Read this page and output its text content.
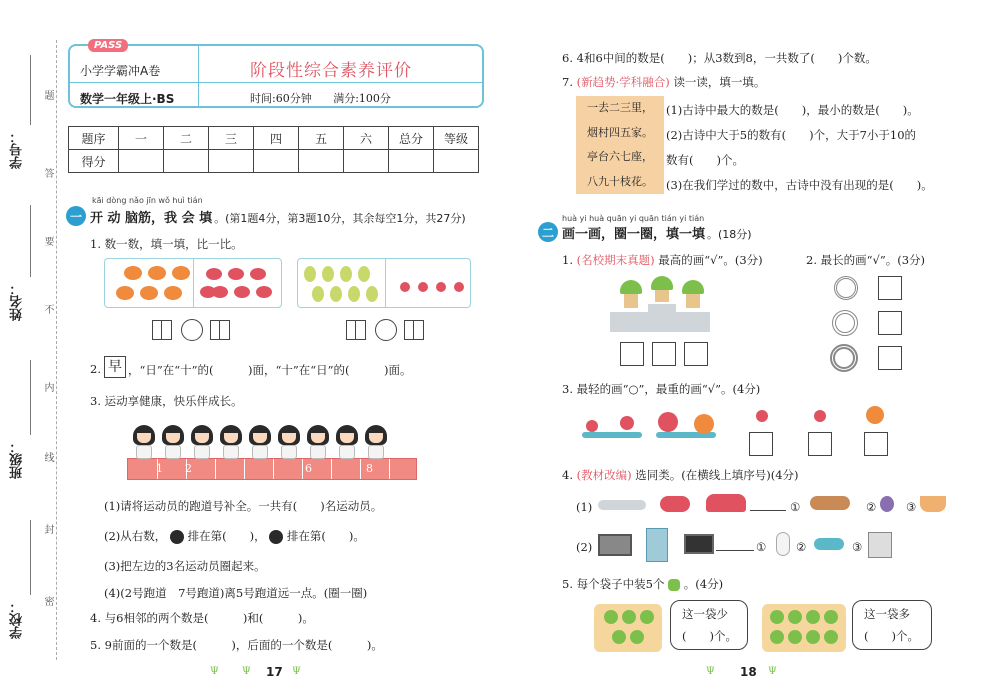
学号：
姓名：
班级：
学校：
题
答
要
不
内
线
封
密
PASS
小学学霸冲A卷
数学一年级上·BS
阶段性综合素养评价
时间:60分钟 满分:100分
题序	一	二	三	四	五	六	总分	等级
得分								
kāi dòng nǎo jīn wǒ huì tián
一 开 动 脑筋，我 会 填 。(第1题4分，第3题10分，其余每空1分，共27分)
1. 数一数，填一填，比一比。
2. 早 ，“日”在“十”的(　　　)面，“十”在“日”的(　　　)面。
3. 运动享健康，快乐伴成长。
1 2	6	8
(1)请将运动员的跑道号补全。一共有(　　)名运动员。
(2)从右数， 排在第(　　)， 排在第(　　)。
(3)把左边的3名运动员圈起来。
(4)(2号跑道　7号跑道)离5号跑道远一点。(圈一圈)
4. 与6相邻的两个数是(　　　)和(　　　)。
5. 9前面的一个数是(　　　)，后面的一个数是(　　　)。
Ψ Ψ 17 Ψ
6. 4和6中间的数是(　　)；从3数到8，一共数了(　　)个数。
7. (新趋势·学科融合) 读一读，填一填。
一去二三里，
烟村四五家。
亭台六七座，
八九十枝花。
(1)古诗中最大的数是(　　)，最小的数是(　　)。
(2)古诗中大于5的数有(　　)个，大于7小于10的
数有(　　)个。
(3)在我们学过的数中，古诗中没有出现的是(　　)。
huà yi huà quān yi quān tián yi tián
二 画一画，圈一圈，填一填 。(18分)
1. (名校期末真题) 最高的画“√”。(3分)	2. 最长的画“√”。(3分)
3. 最轻的画“○”，最重的画“√”。(4分)
4. (教材改编) 选同类。(在横线上填序号)(4分)
(1)	①	②	③
(2)	①	②	③
5. 每个袋子中装5个 。(4分)
这一袋少
(　　)个。
这一袋多
(　　)个。
Ψ 18 Ψ
